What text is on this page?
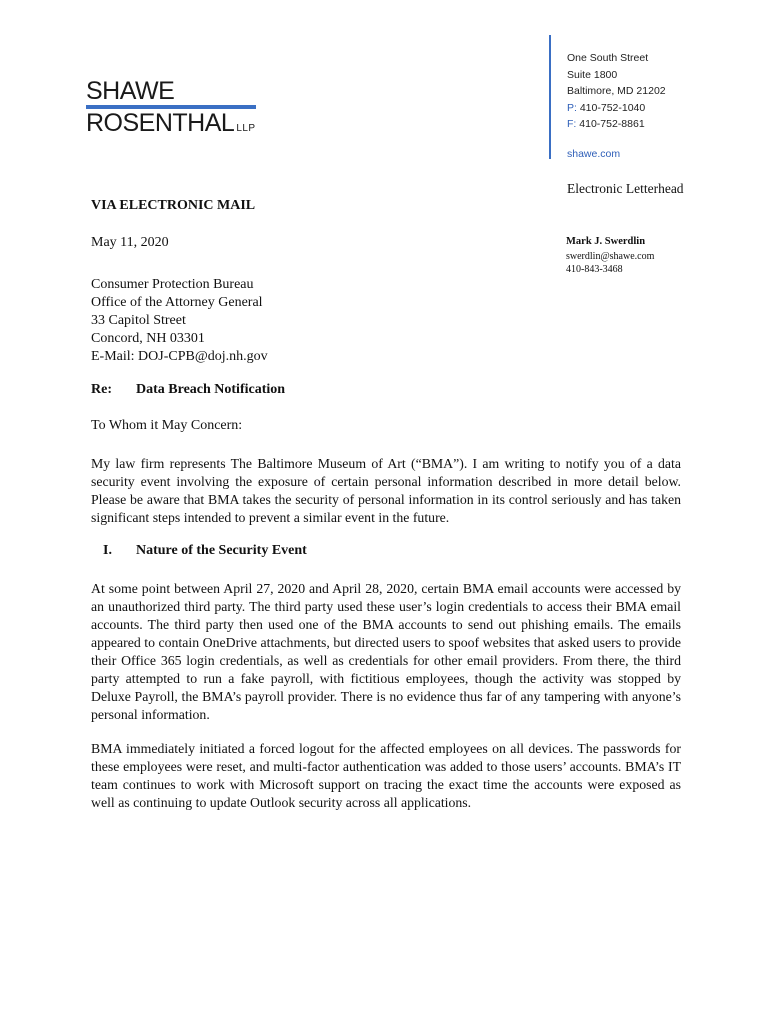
SHAWE
ROSENTHAL LLP
One South Street
Suite 1800
Baltimore, MD 21202
P: 410-752-1040
F: 410-752-8861
shawe.com
Electronic Letterhead
Mark J. Swerdlin
swerdlin@shawe.com
410-843-3468
VIA ELECTRONIC MAIL
May 11, 2020
Consumer Protection Bureau
Office of the Attorney General
33 Capitol Street
Concord, NH 03301
E-Mail: DOJ-CPB@doj.nh.gov
Re: Data Breach Notification
To Whom it May Concern:
My law firm represents The Baltimore Museum of Art (“BMA”). I am writing to notify you of a data security event involving the exposure of certain personal information described in more detail below. Please be aware that BMA takes the security of personal information in its control seriously and has taken significant steps intended to prevent a similar event in the future.
I. Nature of the Security Event
At some point between April 27, 2020 and April 28, 2020, certain BMA email accounts were accessed by an unauthorized third party. The third party used these user’s login credentials to access their BMA email accounts. The third party then used one of the BMA accounts to send out phishing emails. The emails appeared to contain OneDrive attachments, but directed users to spoof websites that asked users to provide their Office 365 login credentials, as well as credentials for other email providers. From there, the third party attempted to run a fake payroll, with fictitious employees, though the activity was stopped by Deluxe Payroll, the BMA’s payroll provider. There is no evidence thus far of any tampering with anyone’s personal information.
BMA immediately initiated a forced logout for the affected employees on all devices. The passwords for these employees were reset, and multi-factor authentication was added to those users’ accounts. BMA’s IT team continues to work with Microsoft support on tracing the exact time the accounts were exposed as well as continuing to update Outlook security across all applications.
